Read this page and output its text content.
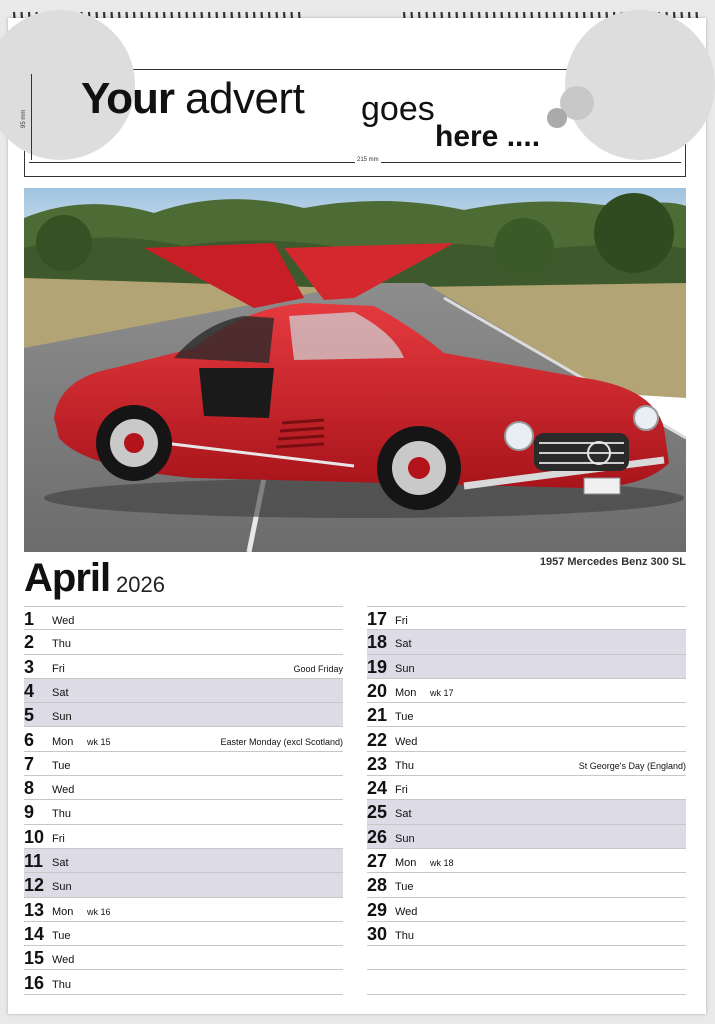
95 mm
215 mm
Your advert goes
here ....
1957 Mercedes Benz 300 SL
April 2026
1 Wed
2 Thu
3 Fri	Good Friday
4 Sat
5 Sun
6 Mon wk 15	Easter Monday (excl Scotland)
7 Tue
8 Wed
9 Thu
10 Fri
11 Sat
12 Sun
13 Mon wk 16
14 Tue
15 Wed
16 Thu
17 Fri
18 Sat
19 Sun
20 Mon wk 17
21 Tue
22 Wed
23 Thu	St George's Day (England)
24 Fri
25 Sat
26 Sun
27 Mon wk 18
28 Tue
29 Wed
30 Thu
